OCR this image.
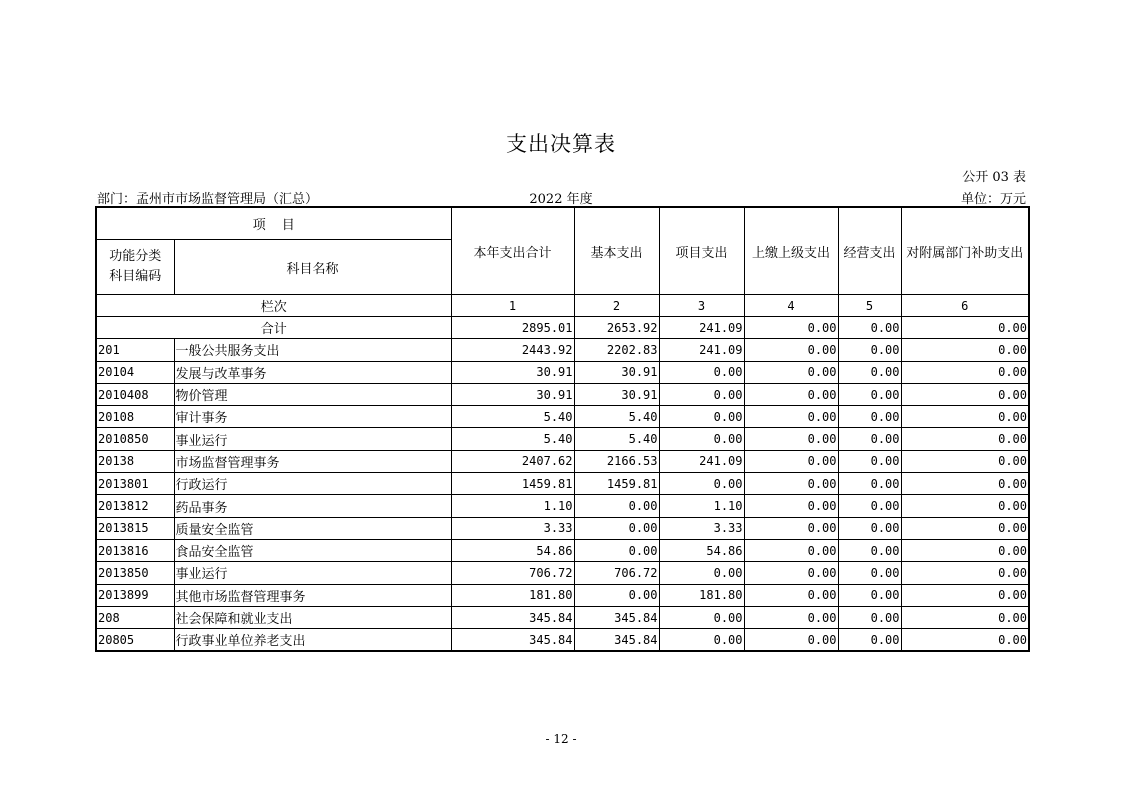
支出决算表
公开 03 表
部门：孟州市市场监督管理局（汇总）	2022 年度	单位：万元
项目		本年支出合计	基本支出	项目支出	上缴上级支出	经营支出	对附属部门补助支出
功能分类科目编码	科目名称						
栏次		1	2	3	4	5	6
合计		2895.01	2653.92	241.09	0.00	0.00	0.00
201	一般公共服务支出	2443.92	2202.83	241.09	0.00	0.00	0.00
20104	发展与改革事务	30.91	30.91	0.00	0.00	0.00	0.00
2010408	物价管理	30.91	30.91	0.00	0.00	0.00	0.00
20108	审计事务	5.40	5.40	0.00	0.00	0.00	0.00
2010850	事业运行	5.40	5.40	0.00	0.00	0.00	0.00
20138	市场监督管理事务	2407.62	2166.53	241.09	0.00	0.00	0.00
2013801	行政运行	1459.81	1459.81	0.00	0.00	0.00	0.00
2013812	药品事务	1.10	0.00	1.10	0.00	0.00	0.00
2013815	质量安全监管	3.33	0.00	3.33	0.00	0.00	0.00
2013816	食品安全监管	54.86	0.00	54.86	0.00	0.00	0.00
2013850	事业运行	706.72	706.72	0.00	0.00	0.00	0.00
2013899	其他市场监督管理事务	181.80	0.00	181.80	0.00	0.00	0.00
208	社会保障和就业支出	345.84	345.84	0.00	0.00	0.00	0.00
20805	行政事业单位养老支出	345.84	345.84	0.00	0.00	0.00	0.00
- 12 -
